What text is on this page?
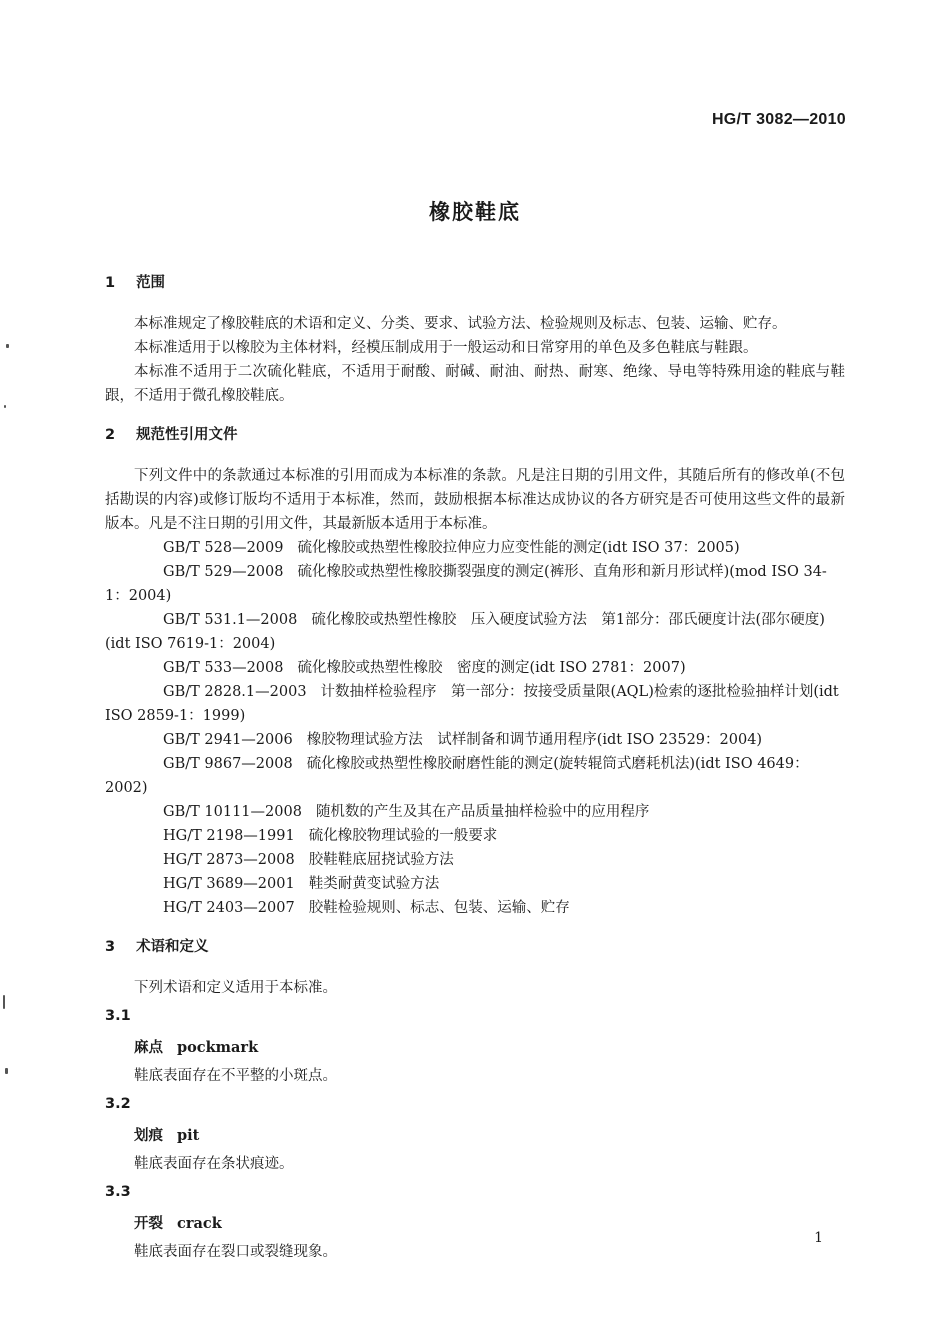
HG/T 3082—2010
橡胶鞋底
1 范围

本标准规定了橡胶鞋底的术语和定义、分类、要求、试验方法、检验规则及标志、包装、运输、贮存。

本标准适用于以橡胶为主体材料，经模压制成用于一般运动和日常穿用的单色及多色鞋底与鞋跟。

本标准不适用于二次硫化鞋底，不适用于耐酸、耐碱、耐油、耐热、耐寒、绝缘、导电等特殊用途的鞋底与鞋跟，不适用于微孔橡胶鞋底。

2 规范性引用文件

下列文件中的条款通过本标准的引用而成为本标准的条款。凡是注日期的引用文件，其随后所有的修改单(不包括勘误的内容)或修订版均不适用于本标准，然而，鼓励根据本标准达成协议的各方研究是否可使用这些文件的最新版本。凡是不注日期的引用文件，其最新版本适用于本标准。

GB/T 528—2009 硫化橡胶或热塑性橡胶拉伸应力应变性能的测定(idt ISO 37：2005)

GB/T 529—2008 硫化橡胶或热塑性橡胶撕裂强度的测定(裤形、直角形和新月形试样)(mod ISO 34-1：2004)

GB/T 531.1—2008 硫化橡胶或热塑性橡胶　压入硬度试验方法　第1部分：邵氏硬度计法(邵尔硬度)(idt ISO 7619-1：2004)

GB/T 533—2008 硫化橡胶或热塑性橡胶　密度的测定(idt ISO 2781：2007)

GB/T 2828.1—2003 计数抽样检验程序　第一部分：按接受质量限(AQL)检索的逐批检验抽样计划(idt ISO 2859-1：1999)

GB/T 2941—2006 橡胶物理试验方法　试样制备和调节通用程序(idt ISO 23529：2004)

GB/T 9867—2008 硫化橡胶或热塑性橡胶耐磨性能的测定(旋转辊筒式磨耗机法)(idt ISO 4649：2002)

GB/T 10111—2008 随机数的产生及其在产品质量抽样检验中的应用程序

HG/T 2198—1991 硫化橡胶物理试验的一般要求

HG/T 2873—2008 胶鞋鞋底屈挠试验方法

HG/T 3689—2001 鞋类耐黄变试验方法

HG/T 2403—2007 胶鞋检验规则、标志、包装、运输、贮存

3 术语和定义

下列术语和定义适用于本标准。

3.1
麻点 pockmark
鞋底表面存在不平整的小斑点。
3.2
划痕 pit
鞋底表面存在条状痕迹。
3.3
开裂 crack
鞋底表面存在裂口或裂缝现象。
1
